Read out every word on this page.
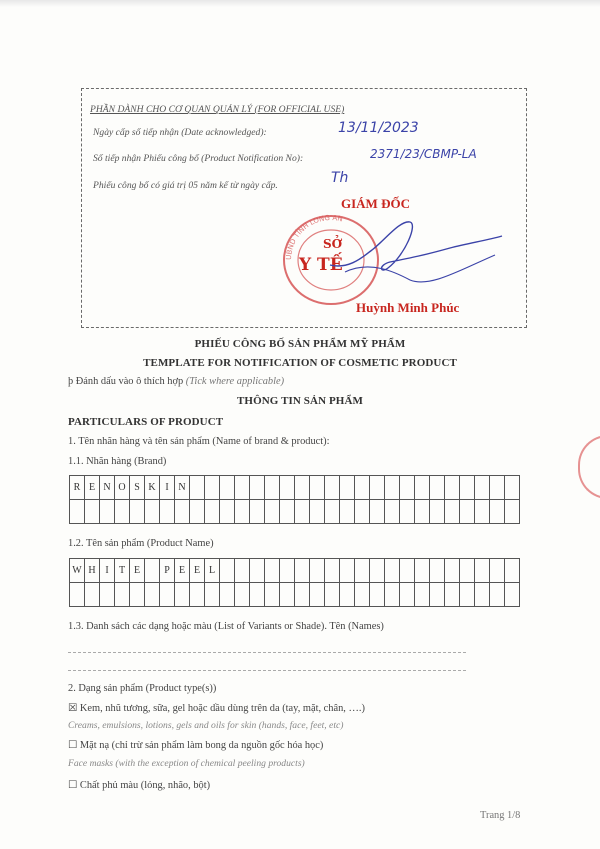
PHẦN DÀNH CHO CƠ QUAN QUẢN LÝ (FOR OFFICIAL USE)
Ngày cấp số tiếp nhận (Date acknowledged):	13/11/2023
Số tiếp nhận Phiếu công bố (Product Notification No):	2371/23/CBMP-LA
Phiếu công bố có giá trị 05 năm kể từ ngày cấp.	Th
GIÁM ĐỐC
UBND TỈNH LONG AN
SỞ
Y TẾ
Huỳnh Minh Phúc
PHIẾU CÔNG BỐ SẢN PHẨM MỸ PHẨM
TEMPLATE FOR NOTIFICATION OF COSMETIC PRODUCT
þ Đánh dấu vào ô thích hợp (Tick where applicable)
THÔNG TIN SẢN PHẨM
PARTICULARS OF PRODUCT
1. Tên nhãn hàng và tên sản phẩm (Name of brand & product):
1.1. Nhãn hàng (Brand)
R	E	N	O	S	K	I	N																						

1.2. Tên sản phẩm (Product Name)
W	H	I	T	E		P	E	E	L																				

1.3. Danh sách các dạng hoặc màu (List of Variants or Shade). Tên (Names)
2. Dạng sản phẩm (Product type(s))
☒ Kem, nhũ tương, sữa, gel hoặc dầu dùng trên da (tay, mặt, chân, ….)
Creams, emulsions, lotions, gels and oils for skin (hands, face, feet, etc)
☐ Mặt nạ (chỉ trừ sản phẩm làm bong da nguồn gốc hóa học)
Face masks (with the exception of chemical peeling products)
☐ Chất phủ màu (lỏng, nhão, bột)
Trang 1/8
